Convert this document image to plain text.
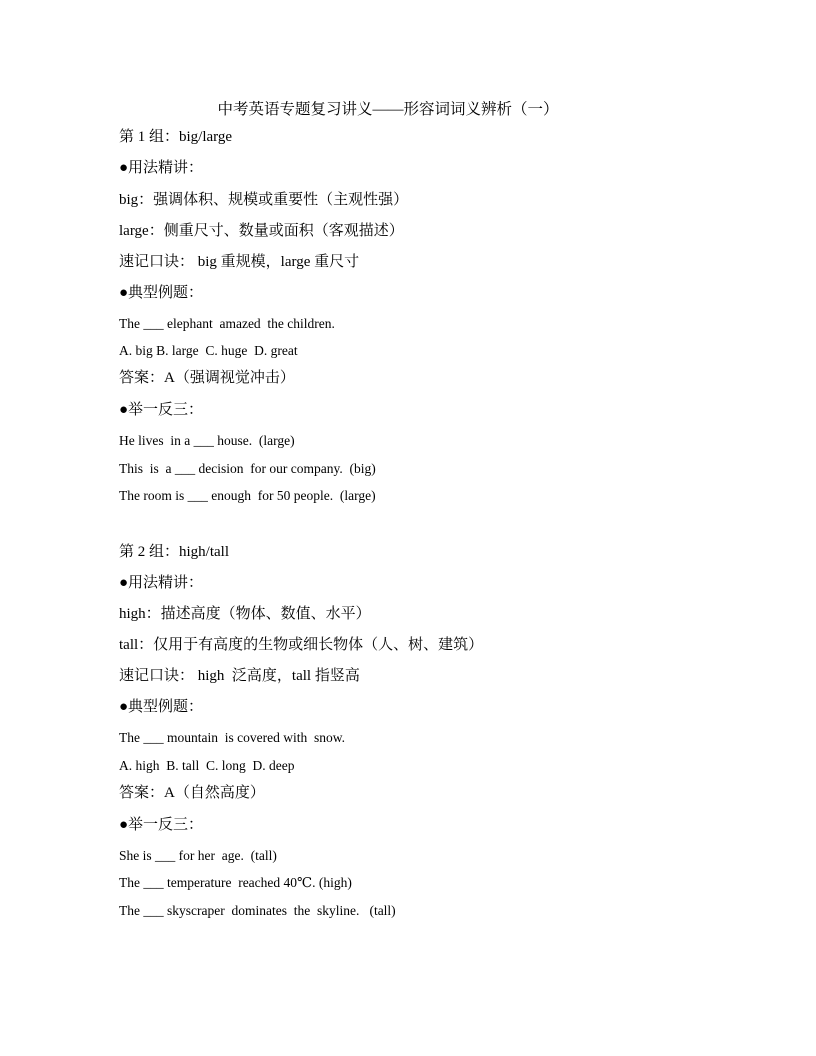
中考英语专题复习讲义——形容词词义辨析（一）
第 1 组：big/large
●用法精讲：
big：强调体积、规模或重要性（主观性强）
large：侧重尺寸、数量或面积（客观描述）
速记口诀： big 重规模，large 重尺寸
●典型例题：
The ___ elephant  amazed  the children.
A. big B. large  C. huge  D. great
答案：A（强调视觉冲击）
●举一反三：
He lives  in a ___ house.  (large)
This  is  a ___ decision  for our company.  (big)
The room is ___ enough  for 50 people.  (large)
第 2 组：high/tall
●用法精讲：
high：描述高度（物体、数值、水平）
tall：仅用于有高度的生物或细长物体（人、树、建筑）
速记口诀： high  泛高度，tall 指竖高
●典型例题：
The ___ mountain  is covered with  snow.
A. high  B. tall  C. long  D. deep
答案：A（自然高度）
●举一反三：
She is ___ for her  age.  (tall)
The ___ temperature  reached 40℃. (high)
The ___ skyscraper  dominates  the  skyline.   (tall)
